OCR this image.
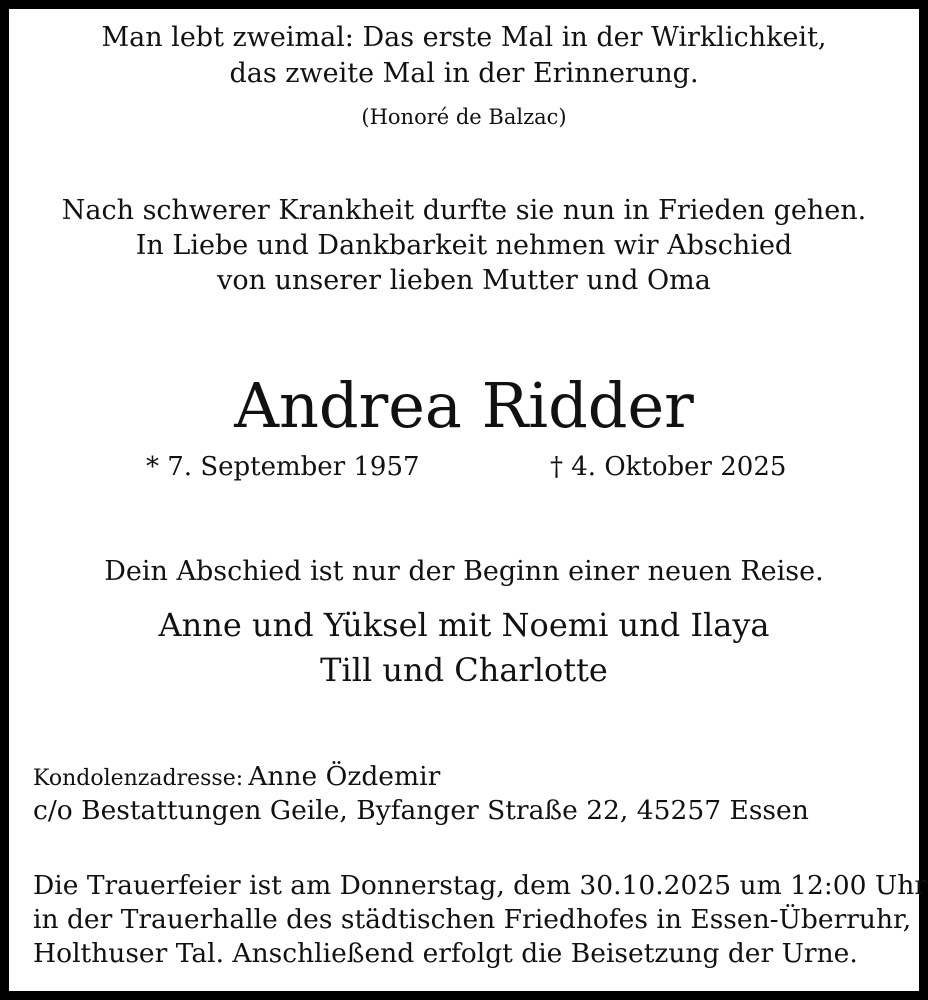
Man lebt zweimal: Das erste Mal in der Wirklichkeit,
das zweite Mal in der Erinnerung.
(Honoré de Balzac)
Nach schwerer Krankheit durfte sie nun in Frieden gehen.
In Liebe und Dankbarkeit nehmen wir Abschied
von unserer lieben Mutter und Oma
Andrea Ridder
* 7. September 1957	† 4. Oktober 2025
Dein Abschied ist nur der Beginn einer neuen Reise.
Anne und Yüksel mit Noemi und Ilaya
Till und Charlotte
Kondolenzadresse: Anne Özdemir
c/o Bestattungen Geile, Byfanger Straße 22, 45257 Essen
Die Trauerfeier ist am Donnerstag, dem 30.10.2025 um 12:00 Uhr
in der Trauerhalle des städtischen Friedhofes in Essen-Überruhr,
Holthuser Tal. Anschließend erfolgt die Beisetzung der Urne.
